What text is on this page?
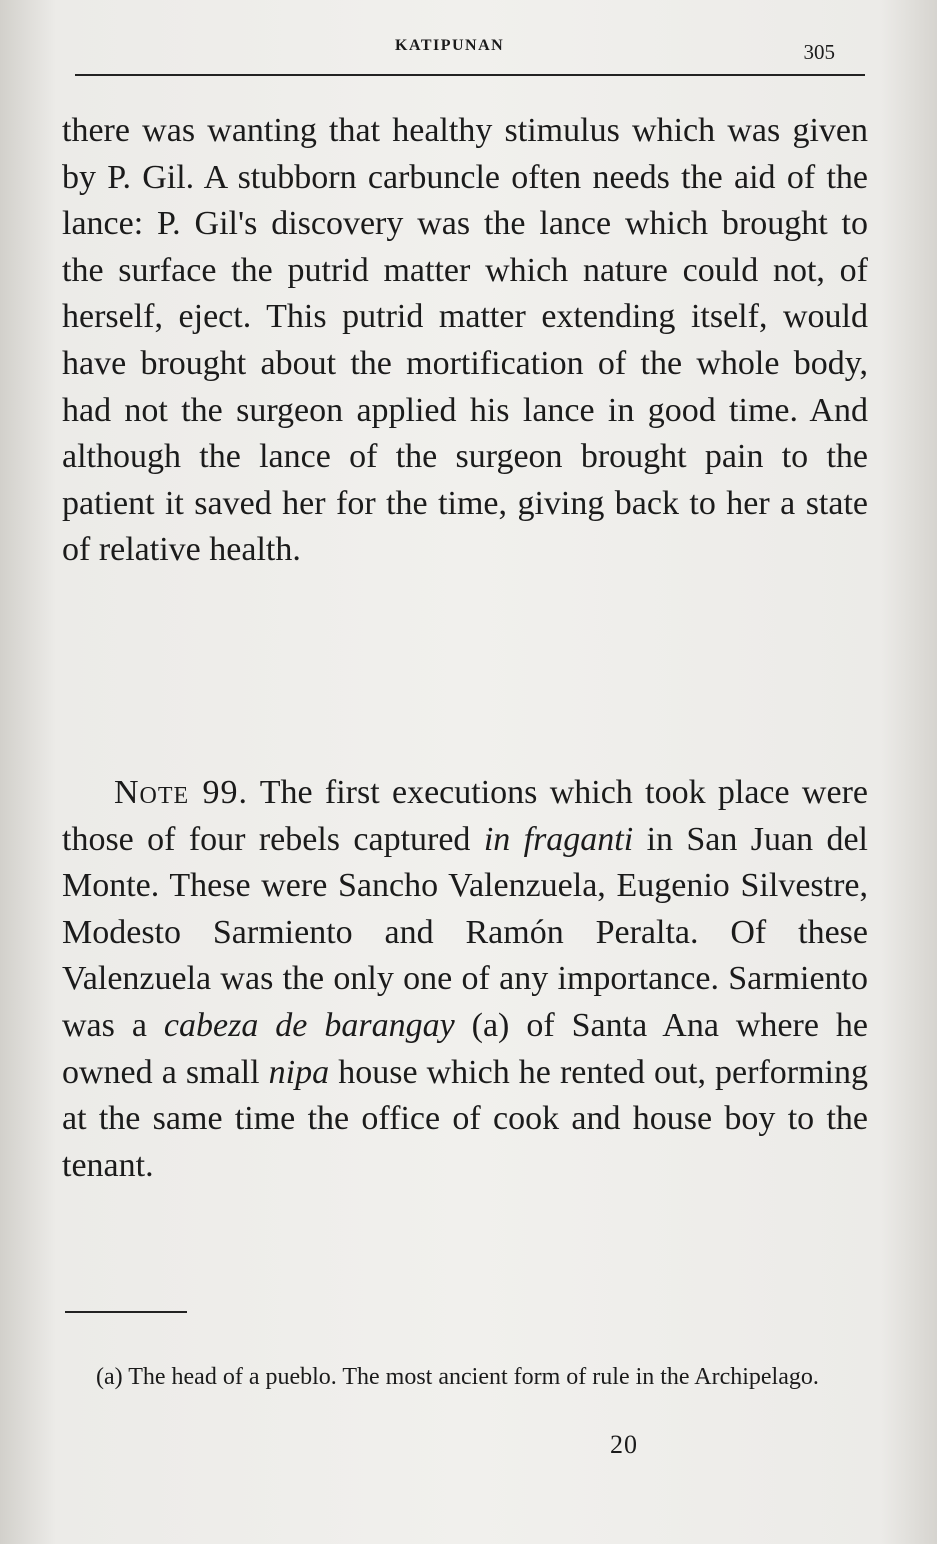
KATIPUNAN	305

there was wanting that healthy stimulus which was given by P. Gil. A stubborn carbuncle often needs the aid of the lance: P. Gil's discovery was the lance which brought to the surface the putrid matter which nature could not, of herself, eject. This putrid matter extending itself, would have brought about the mortification of the whole body, had not the surgeon applied his lance in good time. And although the lance of the surgeon brought pain to the patient it saved her for the time, giving back to her a state of relative health.

Note 99. The first executions which took place were those of four rebels captured in fraganti in San Juan del Monte. These were Sancho Valenzuela, Eugenio Silvestre, Modesto Sarmiento and Ramón Peralta. Of these Valenzuela was the only one of any importance. Sarmiento was a cabeza de barangay (a) of Santa Ana where he owned a small nipa house which he rented out, performing at the same time the office of cook and house boy to the tenant.

(a) The head of a pueblo. The most ancient form of rule in the Archipelago.

20
